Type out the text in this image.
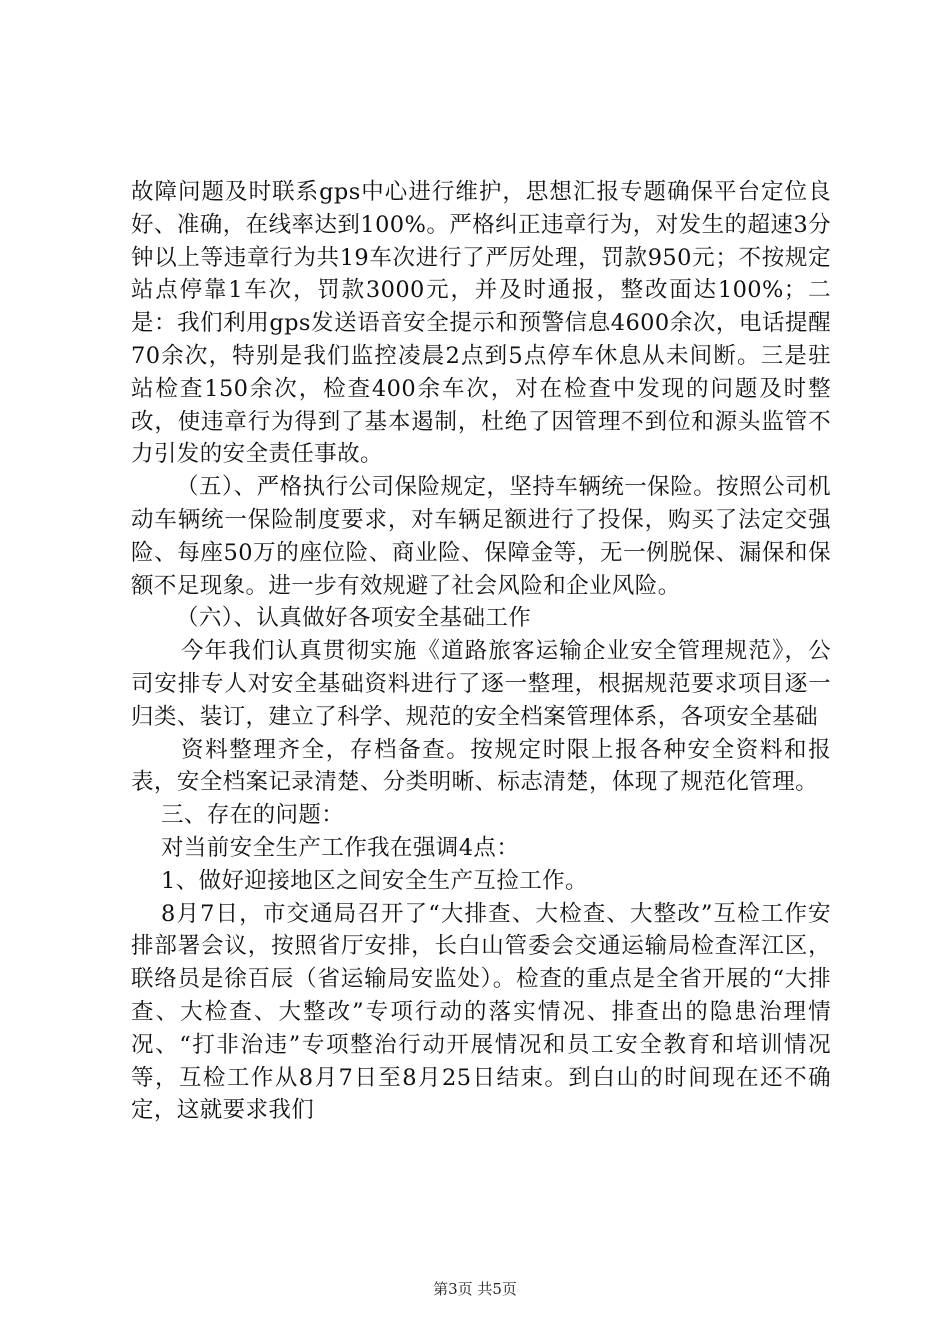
故障问题及时联系gps中心进行维护，思想汇报专题确保平台定位良好、准确，在线率达到100%。严格纠正违章行为，对发生的超速3分钟以上等违章行为共19车次进行了严厉处理，罚款950元；不按规定站点停靠1车次，罚款3000元，并及时通报，整改面达100%；二是：我们利用gps发送语音安全提示和预警信息4600余次，电话提醒70余次，特别是我们监控凌晨2点到5点停车休息从未间断。三是驻站检查150余次，检查400余车次，对在检查中发现的问题及时整改，使违章行为得到了基本遏制，杜绝了因管理不到位和源头监管不力引发的安全责任事故。

（五）、严格执行公司保险规定，坚持车辆统一保险。按照公司机动车辆统一保险制度要求，对车辆足额进行了投保，购买了法定交强险、每座50万的座位险、商业险、保障金等，无一例脱保、漏保和保额不足现象。进一步有效规避了社会风险和企业风险。

（六）、认真做好各项安全基础工作

今年我们认真贯彻实施《道路旅客运输企业安全管理规范》，公司安排专人对安全基础资料进行了逐一整理，根据规范要求项目逐一归类、装订，建立了科学、规范的安全档案管理体系，各项安全基础

资料整理齐全，存档备查。按规定时限上报各种安全资料和报表，安全档案记录清楚、分类明晰、标志清楚，体现了规范化管理。

三、存在的问题：

对当前安全生产工作我在强调4点：

1、做好迎接地区之间安全生产互捡工作。

8月7日，市交通局召开了“大排查、大检查、大整改”互检工作安排部署会议，按照省厅安排，长白山管委会交通运输局检查浑江区，联络员是徐百辰（省运输局安监处）。检查的重点是全省开展的“大排查、大检查、大整改”专项行动的落实情况、排查出的隐患治理情况、“打非治违”专项整治行动开展情况和员工安全教育和培训情况等，互检工作从8月7日至8月25日结束。到白山的时间现在还不确定，这就要求我们

第3页 共5页
